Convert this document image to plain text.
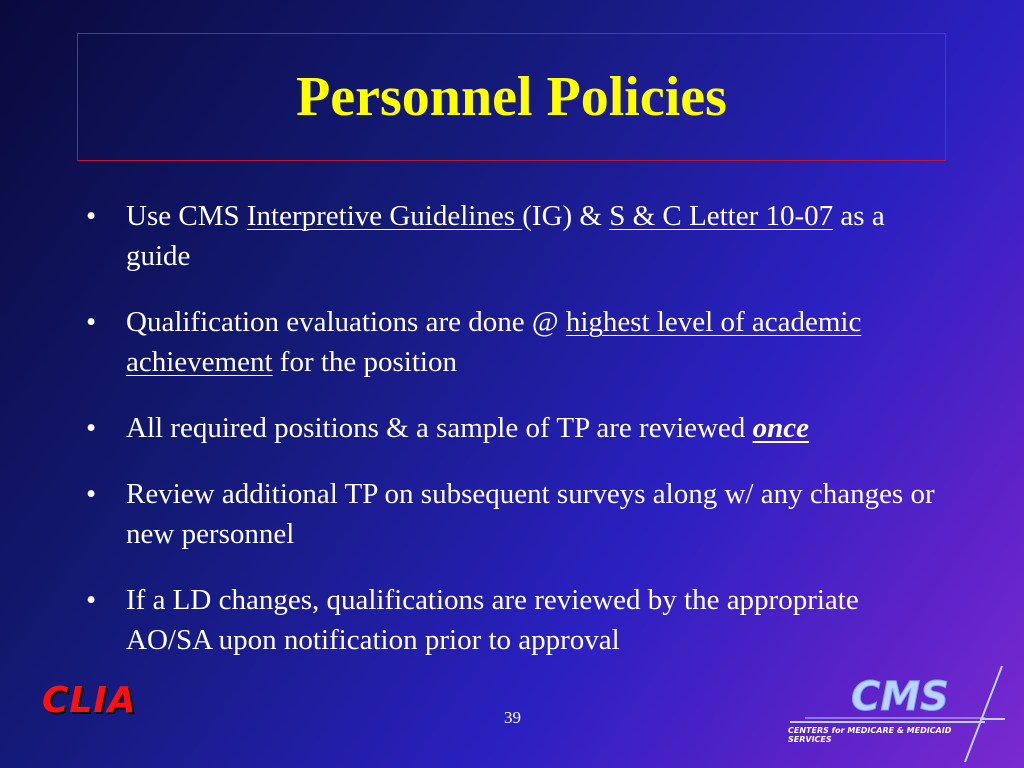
Personnel Policies
• Use CMS Interpretive Guidelines (IG) & S & C Letter 10-07 as a guide
• Qualification evaluations are done @ highest level of academic achievement for the position
• All required positions & a sample of TP are reviewed once
• Review additional TP on subsequent surveys along w/ any changes or new personnel
• If a LD changes, qualifications are reviewed by the appropriate AO/SA upon notification prior to approval
CLIA	39	CMS
CENTERS for MEDICARE & MEDICAID SERVICES
